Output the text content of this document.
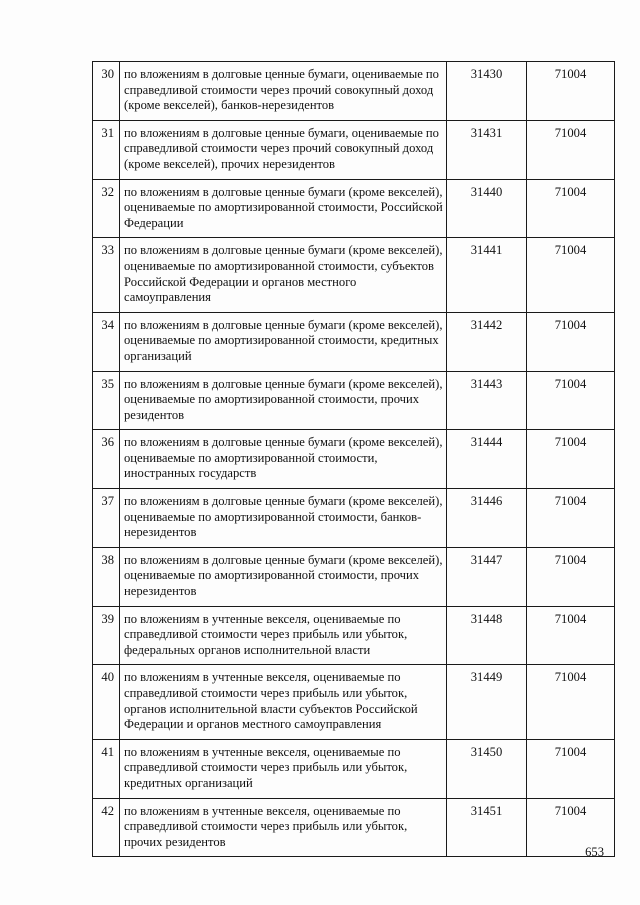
30	по вложениям в долговые ценные бумаги, оцениваемые по справедливой стоимости через прочий совокупный доход (кроме векселей), банков-нерезидентов	31430	71004
31	по вложениям в долговые ценные бумаги, оцениваемые по справедливой стоимости через прочий совокупный доход (кроме векселей), прочих нерезидентов	31431	71004
32	по вложениям в долговые ценные бумаги (кроме векселей), оцениваемые по амортизированной стоимости, Российской Федерации	31440	71004
33	по вложениям в долговые ценные бумаги (кроме векселей), оцениваемые по амортизированной стоимости, субъектов Российской Федерации и органов местного самоуправления	31441	71004
34	по вложениям в долговые ценные бумаги (кроме векселей), оцениваемые по амортизированной стоимости, кредитных организаций	31442	71004
35	по вложениям в долговые ценные бумаги (кроме векселей), оцениваемые по амортизированной стоимости, прочих резидентов	31443	71004
36	по вложениям в долговые ценные бумаги (кроме векселей), оцениваемые по амортизированной стоимости, иностранных государств	31444	71004
37	по вложениям в долговые ценные бумаги (кроме векселей), оцениваемые по амортизированной стоимости, банков-нерезидентов	31446	71004
38	по вложениям в долговые ценные бумаги (кроме векселей), оцениваемые по амортизированной стоимости, прочих нерезидентов	31447	71004
39	по вложениям в учтенные векселя, оцениваемые по справедливой стоимости через прибыль или убыток, федеральных органов исполнительной власти	31448	71004
40	по вложениям в учтенные векселя, оцениваемые по справедливой стоимости через прибыль или убыток, органов исполнительной власти субъектов Российской Федерации и органов местного самоуправления	31449	71004
41	по вложениям в учтенные векселя, оцениваемые по справедливой стоимости через прибыль или убыток, кредитных организаций	31450	71004
42	по вложениям в учтенные векселя, оцениваемые по справедливой стоимости через прибыль или убыток, прочих резидентов	31451	71004
653
